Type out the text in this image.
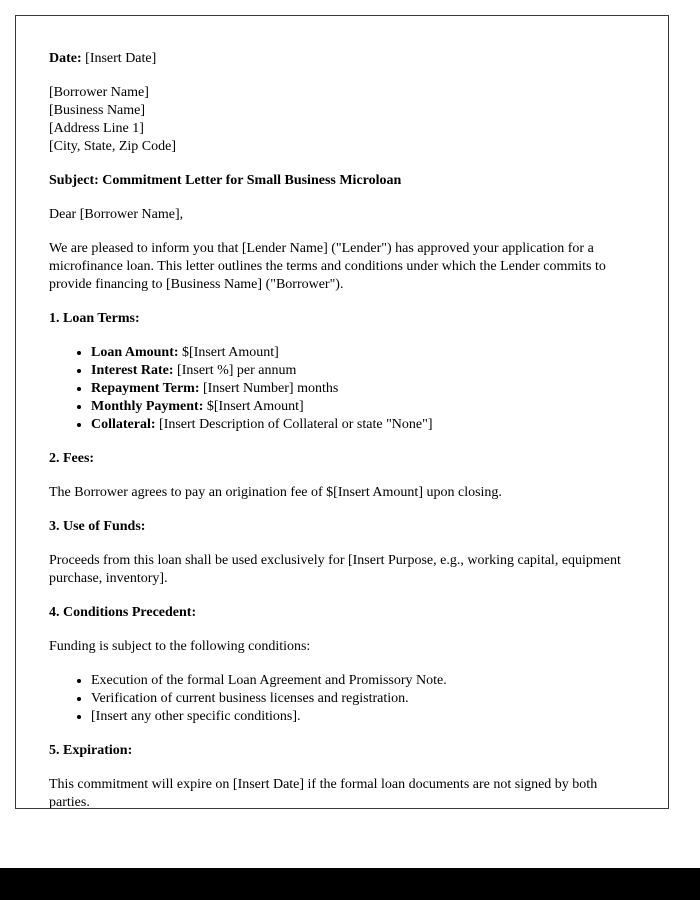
Date: [Insert Date]

[Borrower Name]
[Business Name]
[Address Line 1]
[City, State, Zip Code]

Subject: Commitment Letter for Small Business Microloan

Dear [Borrower Name],

We are pleased to inform you that [Lender Name] ("Lender") has approved your application for a microfinance loan. This letter outlines the terms and conditions under which the Lender commits to provide financing to [Business Name] ("Borrower").

1. Loan Terms:

• Loan Amount: $[Insert Amount]
• Interest Rate: [Insert %] per annum
• Repayment Term: [Insert Number] months
• Monthly Payment: $[Insert Amount]
• Collateral: [Insert Description of Collateral or state "None"]

2. Fees:

The Borrower agrees to pay an origination fee of $[Insert Amount] upon closing.

3. Use of Funds:

Proceeds from this loan shall be used exclusively for [Insert Purpose, e.g., working capital, equipment purchase, inventory].

4. Conditions Precedent:

Funding is subject to the following conditions:

• Execution of the formal Loan Agreement and Promissory Note.
• Verification of current business licenses and registration.
• [Insert any other specific conditions].

5. Expiration:

This commitment will expire on [Insert Date] if the formal loan documents are not signed by both parties.
